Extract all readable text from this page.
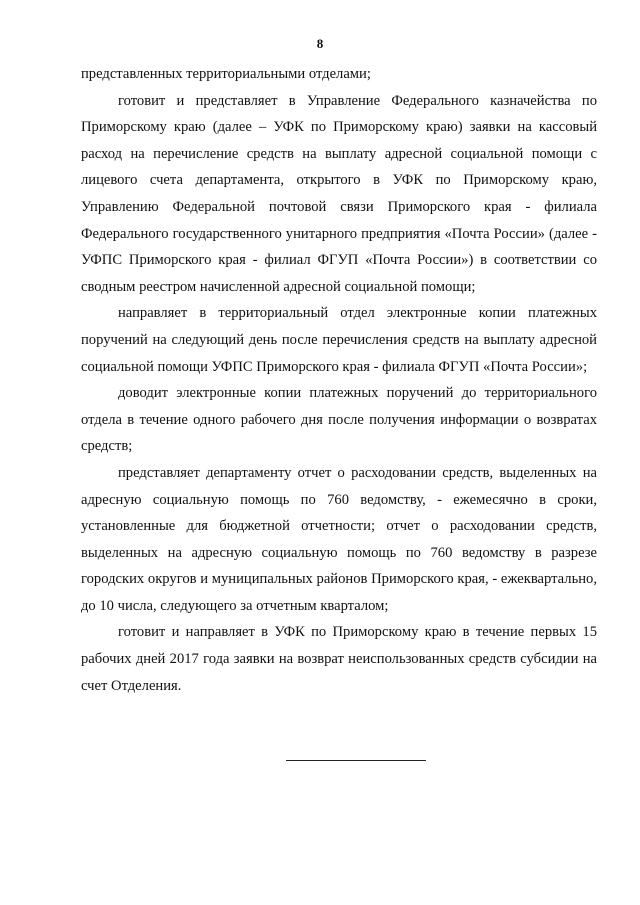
8

представленных территориальными отделами;

готовит и представляет в Управление Федерального казначейства по Приморскому краю (далее – УФК по Приморскому краю) заявки на кассовый расход на перечисление средств на выплату адресной социальной помощи с лицевого счета департамента, открытого в УФК по Приморскому краю, Управлению Федеральной почтовой связи Приморского края - филиала Федерального государственного унитарного предприятия «Почта России» (далее - УФПС Приморского края - филиал ФГУП «Почта России») в соответствии со сводным реестром начисленной адресной социальной помощи;

направляет в территориальный отдел электронные копии платежных поручений на следующий день после перечисления средств на выплату адресной социальной помощи УФПС Приморского края - филиала ФГУП «Почта России»;

доводит электронные копии платежных поручений до территориального отдела в течение одного рабочего дня после получения информации о возвратах средств;

представляет департаменту отчет о расходовании средств, выделенных на адресную социальную помощь по 760 ведомству, - ежемесячно в сроки, установленные для бюджетной отчетности; отчет о расходовании средств, выделенных на адресную социальную помощь по 760 ведомству в разрезе городских округов и муниципальных районов Приморского края, - ежеквартально, до 10 числа, следующего за отчетным кварталом;

готовит и направляет в УФК по Приморскому краю в течение первых 15 рабочих дней 2017 года заявки на возврат неиспользованных средств субсидии на счет Отделения.
